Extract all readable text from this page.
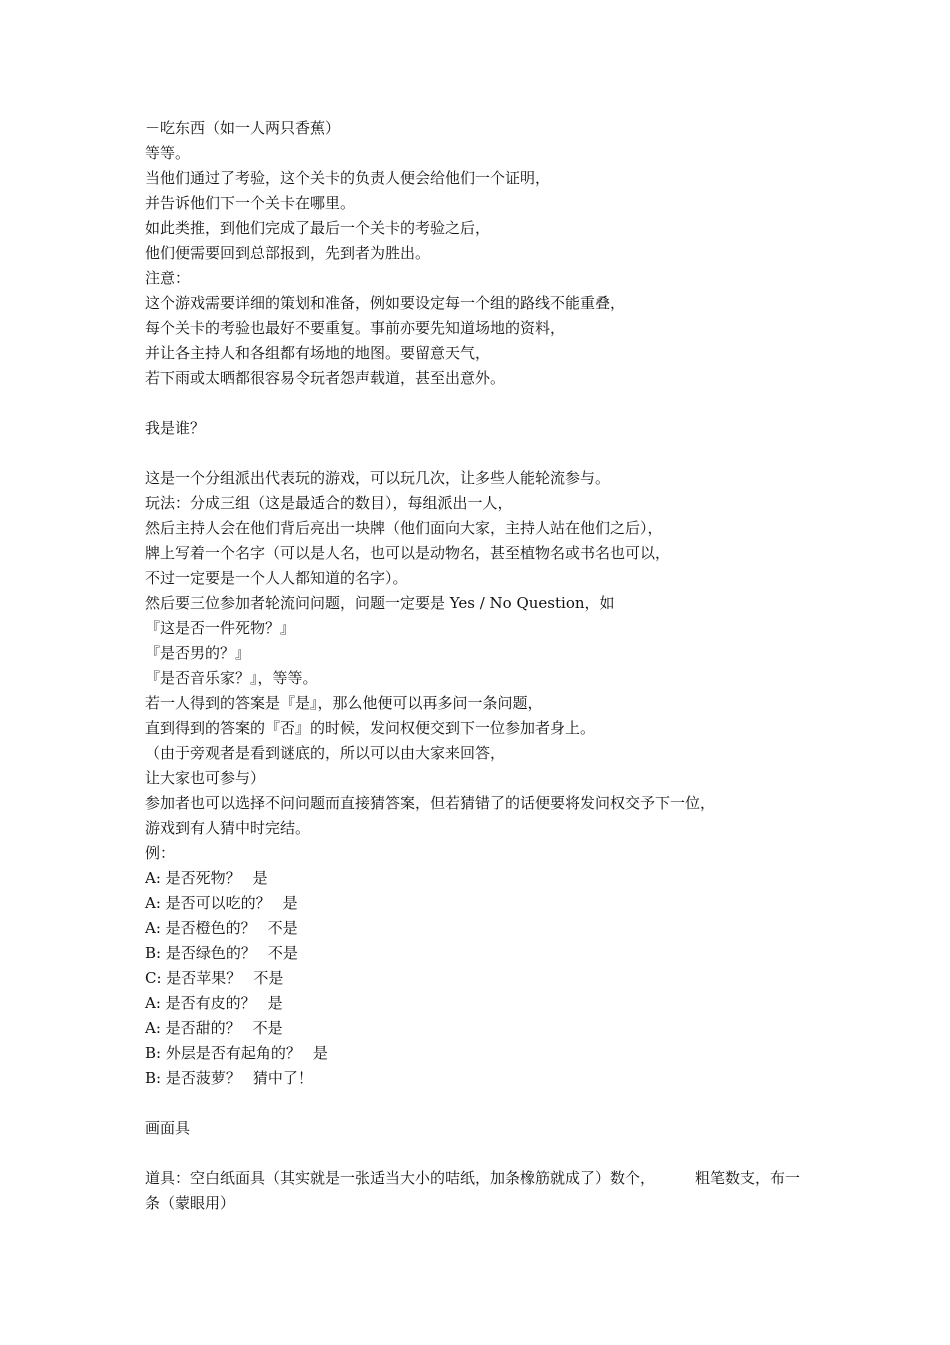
－吃东西（如一人两只香蕉）
等等。
当他们通过了考验，这个关卡的负责人便会给他们一个证明，
并告诉他们下一个关卡在哪里。
如此类推，到他们完成了最后一个关卡的考验之后，
他们便需要回到总部报到，先到者为胜出。
注意：
这个游戏需要详细的策划和准备，例如要设定每一个组的路线不能重叠，
每个关卡的考验也最好不要重复。事前亦要先知道场地的资料，
并让各主持人和各组都有场地的地图。要留意天气，
若下雨或太晒都很容易令玩者怨声载道，甚至出意外。
我是谁？
这是一个分组派出代表玩的游戏，可以玩几次，让多些人能轮流参与。
玩法：分成三组（这是最适合的数目），每组派出一人，
然后主持人会在他们背后亮出一块牌（他们面向大家，主持人站在他们之后），
牌上写着一个名字（可以是人名，也可以是动物名，甚至植物名或书名也可以，
不过一定要是一个人人都知道的名字）。
然后要三位参加者轮流问问题，问题一定要是 Yes / No Question，如
『这是否一件死物？』
『是否男的？』
『是否音乐家？』，等等。
若一人得到的答案是『是』，那么他便可以再多问一条问题，
直到得到的答案的『否』的时候，发问权便交到下一位参加者身上。
（由于旁观者是看到谜底的，所以可以由大家来回答，
让大家也可参与）
参加者也可以选择不问问题而直接猜答案，但若猜错了的话便要将发问权交予下一位，
游戏到有人猜中时完结。
例：
A: 是否死物？ 是
A: 是否可以吃的？ 是
A: 是否橙色的？ 不是
B: 是否绿色的？ 不是
C: 是否苹果？ 不是
A: 是否有皮的？ 是
A: 是否甜的？ 不是
B: 外层是否有起角的？ 是
B: 是否菠萝？ 猜中了！
画面具
道具：空白纸面具（其实就是一张适当大小的咭纸，加条橡筋就成了）数个，	粗笔数支，布一条（蒙眼用）
